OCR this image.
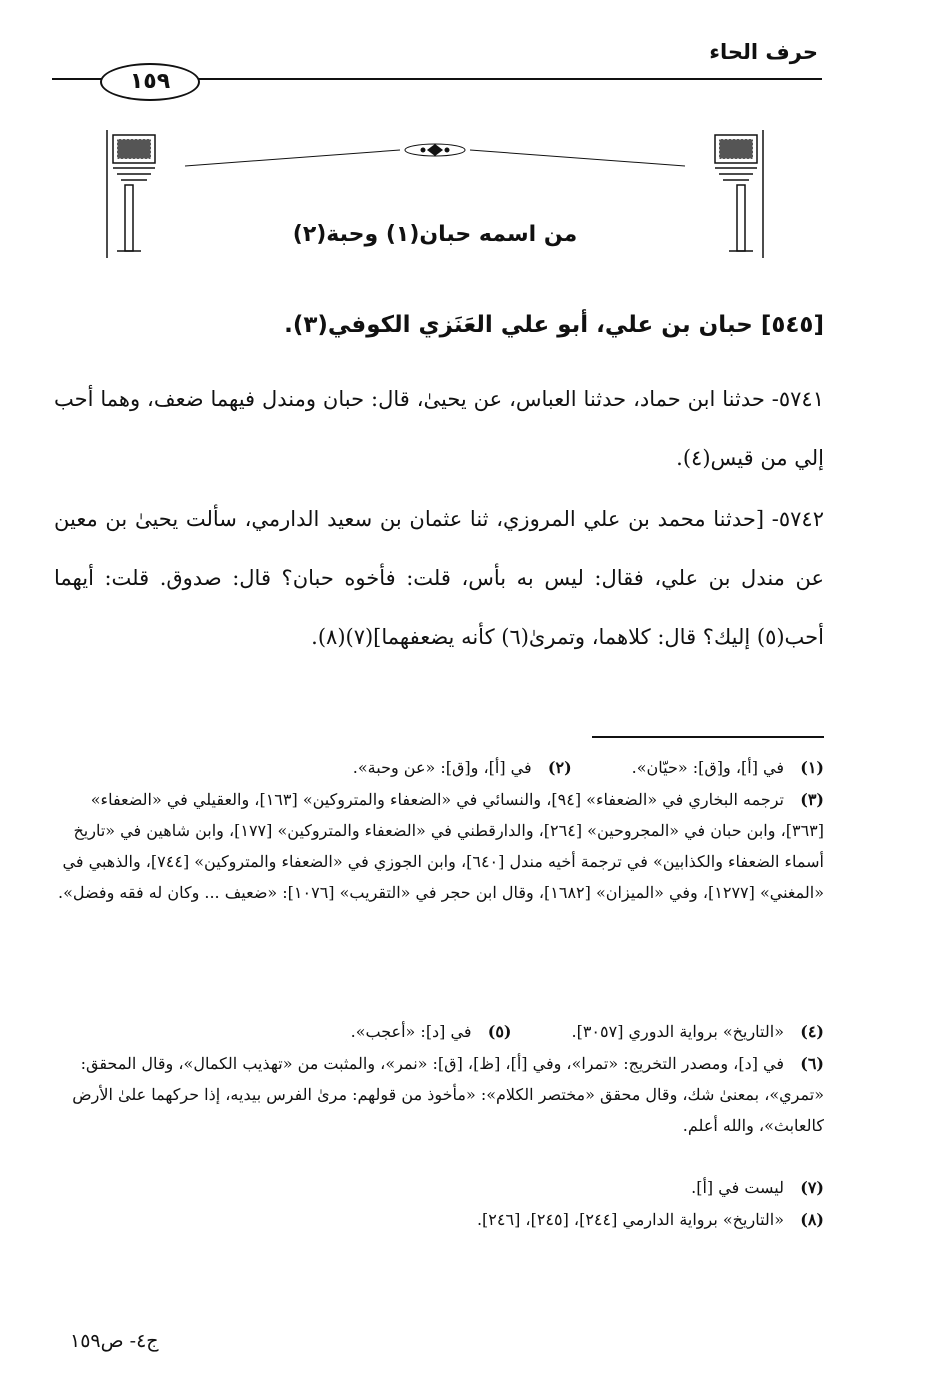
حرف الحاء
١٥٩
من اسمه حبان(١) وحبة(٢)
[٥٤٥] حبان بن علي، أبو علي العَنَزي الكوفي(٣).
٥٧٤١- حدثنا ابن حماد، حدثنا العباس، عن يحيىٰ، قال: حبان ومندل فيهما ضعف، وهما أحب إلي من قيس(٤).
٥٧٤٢- [حدثنا محمد بن علي المروزي، ثنا عثمان بن سعيد الدارمي، سألت يحيىٰ بن معين عن مندل بن علي، فقال: ليس به بأس، قلت: فأخوه حبان؟ قال: صدوق. قلت: أيهما أحب(٥) إليك؟ قال: كلاهما، وتمرىٰ(٦) كأنه يضعفهما](٧)(٨).
(١)في [أ]، و[ق]: «حيّان».(٢)في [أ]، و[ق]: «عن وحبة».
(٣)ترجمه البخاري في «الضعفاء» [٩٤]، والنسائي في «الضعفاء والمتروكين» [١٦٣]، والعقيلي في «الضعفاء» [٣٦٣]، وابن حبان في «المجروحين» [٢٦٤]، والدارقطني في «الضعفاء والمتروكين» [١٧٧]، وابن شاهين في «تاريخ أسماء الضعفاء والكذابين» في ترجمة أخيه مندل [٦٤٠]، وابن الجوزي في «الضعفاء والمتروكين» [٧٤٤]، والذهبي في «المغني» [١٢٧٧]، وفي «الميزان» [١٦٨٢]، وقال ابن حجر في «التقريب» [١٠٧٦]: «ضعيف ... وكان له فقه وفضل».
(٤)«التاريخ» برواية الدوري [٣٠٥٧].(٥)في [د]: «أعجب».
(٦)في [د]، ومصدر التخريج: «تمرا»، وفي [أ]، [ظ]، [ق]: «نمر»، والمثبت من «تهذيب الكمال»، وقال المحقق: «تمري»، بمعنىٰ شك، وقال محقق «مختصر الكلام»: «مأخوذ من قولهم: مرىٰ الفرس بيديه، إذا حركهما علىٰ الأرض كالعابث»، والله أعلم.
(٧)ليست في [أ].
(٨)«التاريخ» برواية الدارمي [٢٤٤]، [٢٤٥]، [٢٤٦].
ج٤- ص١٥٩
